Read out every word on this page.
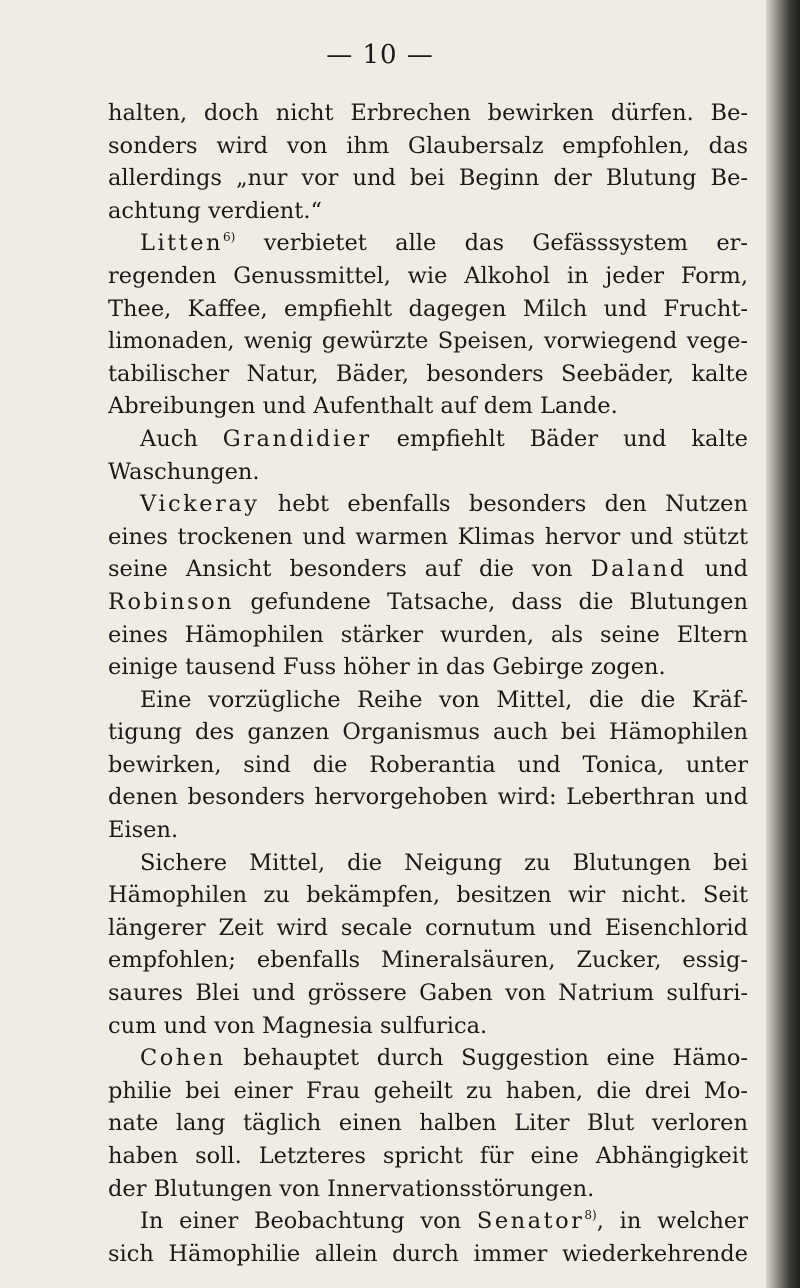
— 10 —
halten, doch nicht Erbrechen bewirken dürfen. Be-
sonders wird von ihm Glaubersalz empfohlen, das
allerdings „nur vor und bei Beginn der Blutung Be-
achtung verdient.“
Litten$^{6)}$ verbietet alle das Gefässsystem er-
regenden Genussmittel, wie Alkohol in jeder Form,
Thee, Kaffee, empfiehlt dagegen Milch und Frucht-
limonaden, wenig gewürzte Speisen, vorwiegend vege-
tabilischer Natur, Bäder, besonders Seebäder, kalte
Abreibungen und Aufenthalt auf dem Lande.
Auch Grandidier empfiehlt Bäder und kalte
Waschungen.
Vickeray hebt ebenfalls besonders den Nutzen
eines trockenen und warmen Klimas hervor und stützt
seine Ansicht besonders auf die von Daland und
Robinson gefundene Tatsache, dass die Blutungen
eines Hämophilen stärker wurden, als seine Eltern
einige tausend Fuss höher in das Gebirge zogen.
Eine vorzügliche Reihe von Mittel, die die Kräf-
tigung des ganzen Organismus auch bei Hämophilen
bewirken, sind die Roberantia und Tonica, unter
denen besonders hervorgehoben wird: Leberthran und
Eisen.
Sichere Mittel, die Neigung zu Blutungen bei
Hämophilen zu bekämpfen, besitzen wir nicht. Seit
längerer Zeit wird secale cornutum und Eisenchlorid
empfohlen; ebenfalls Mineralsäuren, Zucker, essig-
saures Blei und grössere Gaben von Natrium sulfuri-
cum und von Magnesia sulfurica.
Cohen behauptet durch Suggestion eine Hämo-
philie bei einer Frau geheilt zu haben, die drei Mo-
nate lang täglich einen halben Liter Blut verloren
haben soll. Letzteres spricht für eine Abhängigkeit
der Blutungen von Innervationsstörungen.
In einer Beobachtung von Senator$^{8)}$, in welcher
sich Hämophilie allein durch immer wiederkehrende
